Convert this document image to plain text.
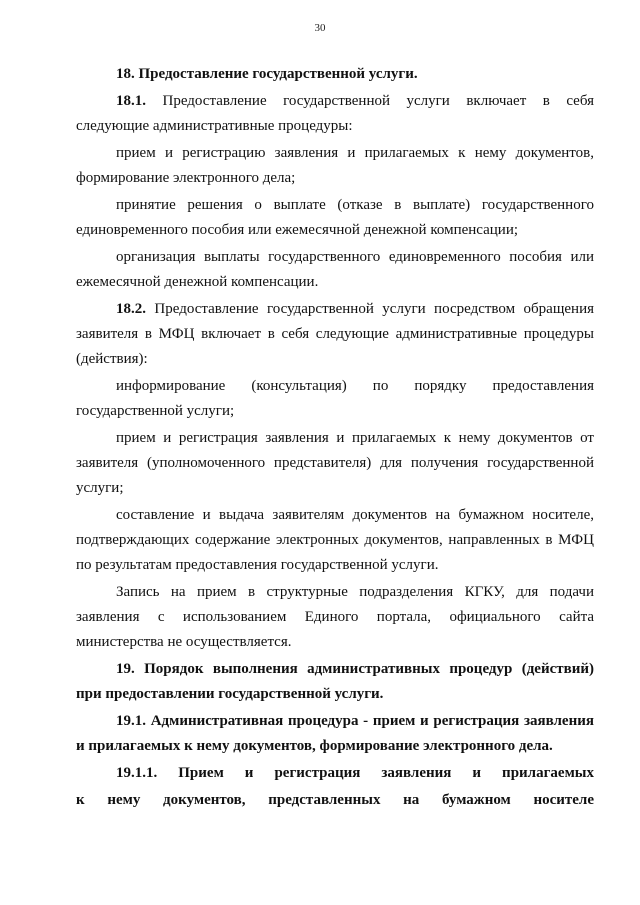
30

18. Предоставление государственной услуги.

18.1. Предоставление государственной услуги включает в себя следующие административные процедуры:

прием и регистрацию заявления и прилагаемых к нему документов, формирование электронного дела;

принятие решения о выплате (отказе в выплате) государственного единовременного пособия или ежемесячной денежной компенсации;

организация выплаты государственного единовременного пособия или ежемесячной денежной компенсации.

18.2. Предоставление государственной услуги посредством обращения заявителя в МФЦ включает в себя следующие административные процедуры (действия):

информирование (консультация) по порядку предоставления государственной услуги;

прием и регистрация заявления и прилагаемых к нему документов от заявителя (уполномоченного представителя) для получения государственной услуги;

составление и выдача заявителям документов на бумажном носителе, подтверждающих содержание электронных документов, направленных в МФЦ по результатам предоставления государственной услуги.

Запись на прием в структурные подразделения КГКУ, для подачи заявления с использованием Единого портала, официального сайта министерства не осуществляется.

19. Порядок выполнения административных процедур (действий) при предоставлении государственной услуги.

19.1. Административная процедура - прием и регистрация заявления и прилагаемых к нему документов, формирование электронного дела.

19.1.1. Прием и регистрация заявления и прилагаемых

к нему документов, представленных на бумажном носителе
